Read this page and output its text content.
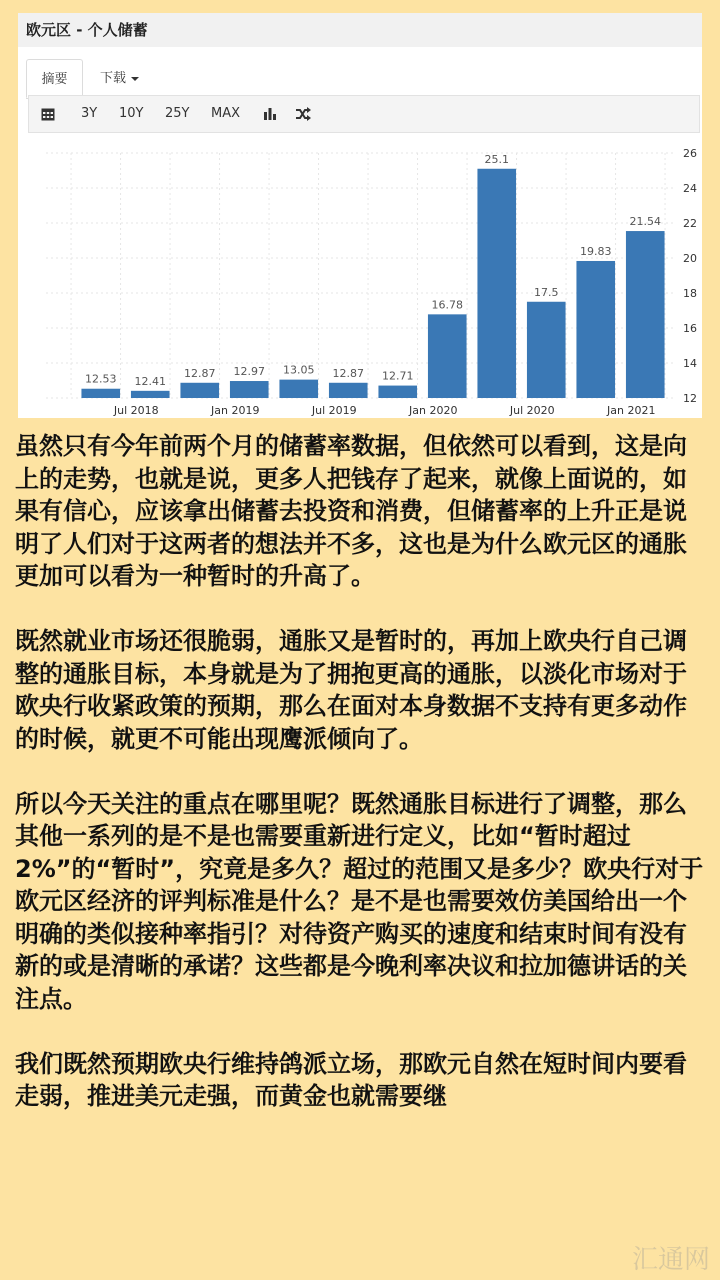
欧元区 - 个人储蓄
摘要	下载
3Y 10Y 25Y MAX
12
14
16
18
20
22
24
26
12.53 12.41
12.87 12.97 13.05 12.87 12.71
16.78
25.1
17.5
19.83
21.54
Jul 2018	Jan 2019	Jul 2019	Jan 2020	Jul 2020	Jan 2021

虽然只有今年前两个月的储蓄率数据，但依然可以看到，这是向上的走势，也就是说，更多人把钱存了起来，就像上面说的，如果有信心，应该拿出储蓄去投资和消费，但储蓄率的上升正是说明了人们对于这两者的想法并不多，这也是为什么欧元区的通胀更加可以看为一种暂时的升高了。

既然就业市场还很脆弱，通胀又是暂时的，再加上欧央行自己调整的通胀目标，本身就是为了拥抱更高的通胀，以淡化市场对于欧央行收紧政策的预期，那么在面对本身数据不支持有更多动作的时候，就更不可能出现鹰派倾向了。

所以今天关注的重点在哪里呢？既然通胀目标进行了调整，那么其他一系列的是不是也需要重新进行定义，比如“暂时超过2%”的“暂时”，究竟是多久？超过的范围又是多少？欧央行对于欧元区经济的评判标准是什么？是不是也需要效仿美国给出一个明确的类似接种率指引？对待资产购买的速度和结束时间有没有新的或是清晰的承诺？这些都是今晚利率决议和拉加德讲话的关注点。

我们既然预期欧央行维持鸽派立场，那欧元自然在短时间内要看走弱，推进美元走强，而黄金也就需要继

汇通网
